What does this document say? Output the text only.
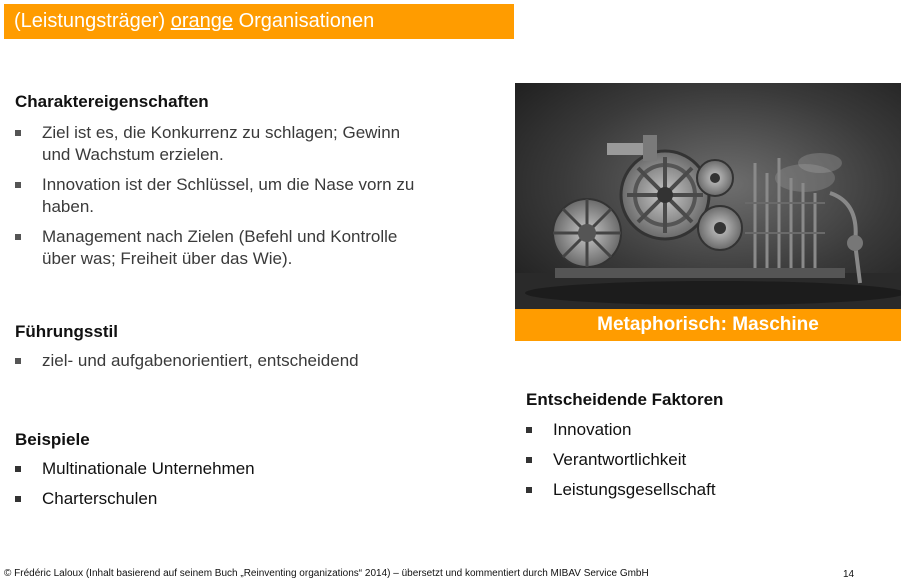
(Leistungsträger) orange Organisationen
Charaktereigenschaften
Ziel ist es, die Konkurrenz zu schlagen; Gewinn und Wachstum erzielen.
Innovation ist der Schlüssel, um die Nase vorn zu haben.
Management nach Zielen (Befehl und Kontrolle über was; Freiheit über das Wie).
Führungsstil
ziel- und aufgabenorientiert, entscheidend
Beispiele
Multinationale Unternehmen
Charterschulen
Metaphorisch: Maschine
Entscheidende Faktoren
Innovation
Verantwortlichkeit
Leistungsgesellschaft
© Frédéric Laloux (Inhalt basierend auf seinem Buch „Reinventing organizations“ 2014) – übersetzt und kommentiert durch MIBAV Service GmbH	14
